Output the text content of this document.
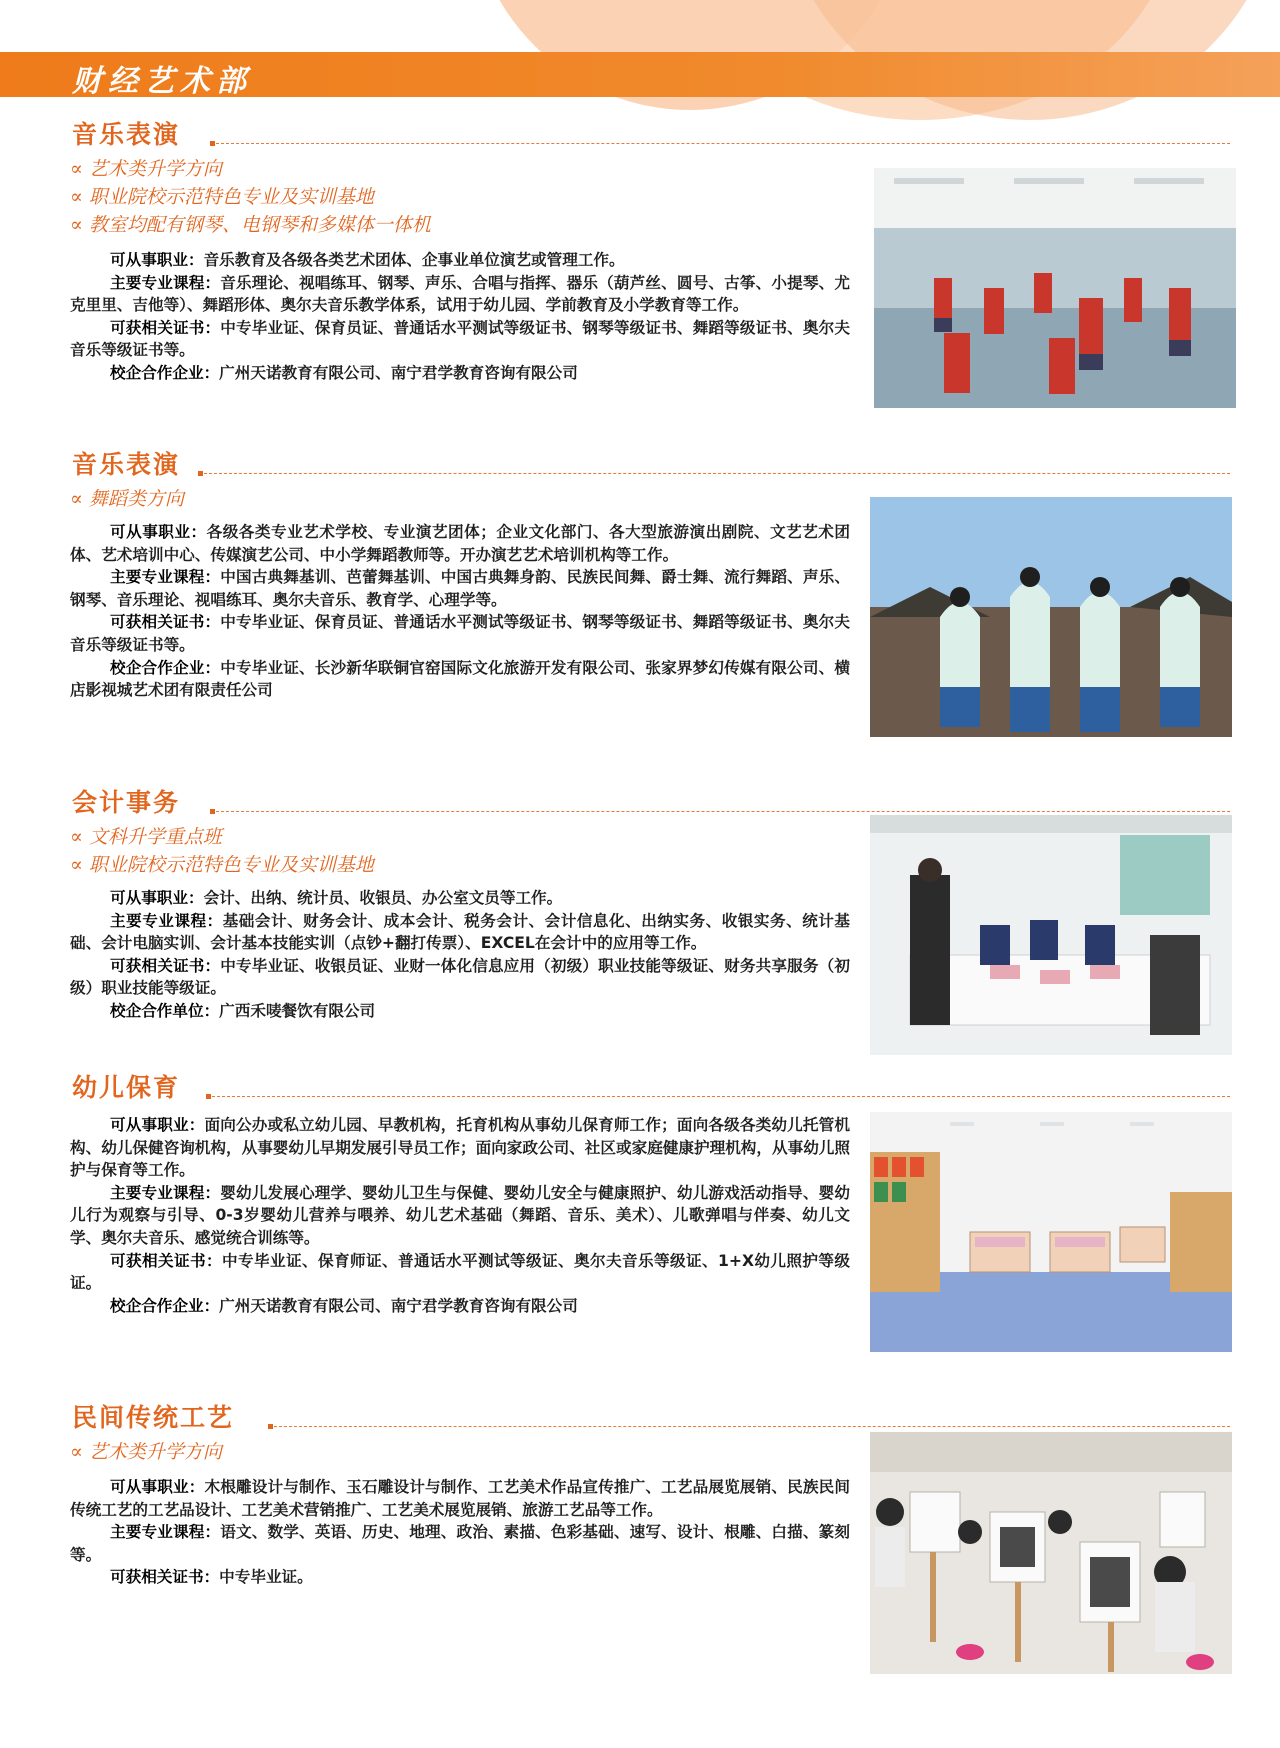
财经艺术部
音乐表演
∝ 艺术类升学方向
∝ 职业院校示范特色专业及实训基地
∝ 教室均配有钢琴、电钢琴和多媒体一体机

可从事职业：音乐教育及各级各类艺术团体、企事业单位演艺或管理工作。

主要专业课程：音乐理论、视唱练耳、钢琴、声乐、合唱与指挥、器乐（葫芦丝、圆号、古筝、小提琴、尤克里里、吉他等）、舞蹈形体、奥尔夫音乐教学体系，试用于幼儿园、学前教育及小学教育等工作。

可获相关证书：中专毕业证、保育员证、普通话水平测试等级证书、钢琴等级证书、舞蹈等级证书、奥尔夫音乐等级证书等。

校企合作企业：广州天诺教育有限公司、南宁君学教育咨询有限公司

音乐表演
∝ 舞蹈类方向

可从事职业：各级各类专业艺术学校、专业演艺团体；企业文化部门、各大型旅游演出剧院、文艺艺术团体、艺术培训中心、传媒演艺公司、中小学舞蹈教师等。开办演艺艺术培训机构等工作。

主要专业课程：中国古典舞基训、芭蕾舞基训、中国古典舞身韵、民族民间舞、爵士舞、流行舞蹈、声乐、钢琴、音乐理论、视唱练耳、奥尔夫音乐、教育学、心理学等。

可获相关证书：中专毕业证、保育员证、普通话水平测试等级证书、钢琴等级证书、舞蹈等级证书、奥尔夫音乐等级证书等。

校企合作企业：中专毕业证、长沙新华联铜官窑国际文化旅游开发有限公司、张家界梦幻传媒有限公司、横店影视城艺术团有限责任公司

会计事务
∝ 文科升学重点班
∝ 职业院校示范特色专业及实训基地

可从事职业：会计、出纳、统计员、收银员、办公室文员等工作。

主要专业课程：基础会计、财务会计、成本会计、税务会计、会计信息化、出纳实务、收银实务、统计基础、会计电脑实训、会计基本技能实训（点钞+翻打传票）、EXCEL在会计中的应用等工作。

可获相关证书：中专毕业证、收银员证、业财一体化信息应用（初级）职业技能等级证、财务共享服务（初级）职业技能等级证。

校企合作单位：广西禾唛餐饮有限公司

幼儿保育

可从事职业：面向公办或私立幼儿园、早教机构，托育机构从事幼儿保育师工作；面向各级各类幼儿托管机构、幼儿保健咨询机构，从事婴幼儿早期发展引导员工作；面向家政公司、社区或家庭健康护理机构，从事幼儿照护与保育等工作。

主要专业课程：婴幼儿发展心理学、婴幼儿卫生与保健、婴幼儿安全与健康照护、幼儿游戏活动指导、婴幼儿行为观察与引导、0-3岁婴幼儿营养与喂养、幼儿艺术基础（舞蹈、音乐、美术）、儿歌弹唱与伴奏、幼儿文学、奥尔夫音乐、感觉统合训练等。

可获相关证书：中专毕业证、保育师证、普通话水平测试等级证、奥尔夫音乐等级证、1+X幼儿照护等级证。

校企合作企业：广州天诺教育有限公司、南宁君学教育咨询有限公司

民间传统工艺
∝ 艺术类升学方向

可从事职业：木根雕设计与制作、玉石雕设计与制作、工艺美术作品宣传推广、工艺品展览展销、民族民间传统工艺的工艺品设计、工艺美术营销推广、工艺美术展览展销、旅游工艺品等工作。

主要专业课程：语文、数学、英语、历史、地理、政治、素描、色彩基础、速写、设计、根雕、白描、篆刻等。

可获相关证书：中专毕业证。
